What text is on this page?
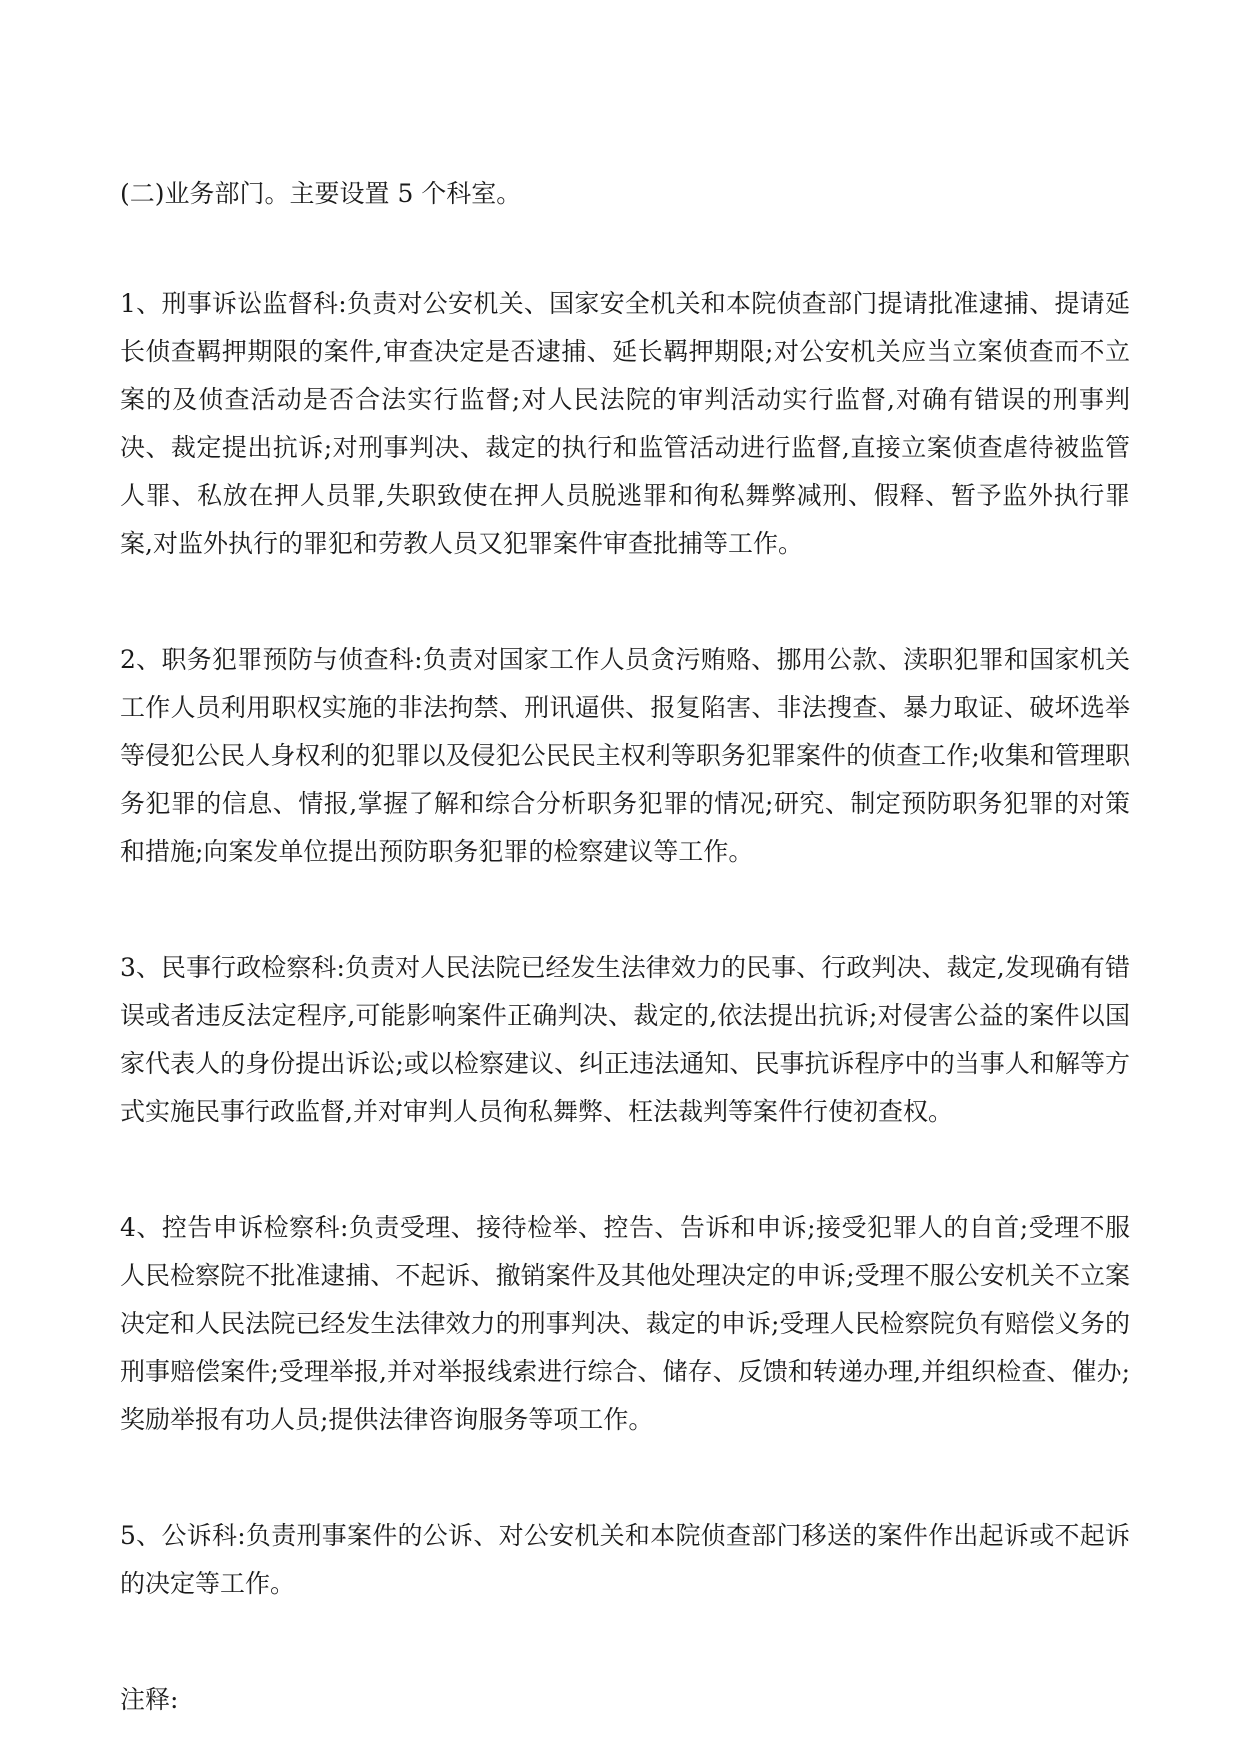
(二)业务部门。主要设置 5 个科室。

1、刑事诉讼监督科:负责对公安机关、国家安全机关和本院侦查部门提请批准逮捕、提请延长侦查羁押期限的案件,审查决定是否逮捕、延长羁押期限;对公安机关应当立案侦查而不立案的及侦查活动是否合法实行监督;对人民法院的审判活动实行监督,对确有错误的刑事判决、裁定提出抗诉;对刑事判决、裁定的执行和监管活动进行监督,直接立案侦查虐待被监管人罪、私放在押人员罪,失职致使在押人员脱逃罪和徇私舞弊减刑、假释、暂予监外执行罪案,对监外执行的罪犯和劳教人员又犯罪案件审查批捕等工作。

2、职务犯罪预防与侦查科:负责对国家工作人员贪污贿赂、挪用公款、渎职犯罪和国家机关工作人员利用职权实施的非法拘禁、刑讯逼供、报复陷害、非法搜查、暴力取证、破坏选举等侵犯公民人身权利的犯罪以及侵犯公民民主权利等职务犯罪案件的侦查工作;收集和管理职务犯罪的信息、情报,掌握了解和综合分析职务犯罪的情况;研究、制定预防职务犯罪的对策和措施;向案发单位提出预防职务犯罪的检察建议等工作。

3、民事行政检察科:负责对人民法院已经发生法律效力的民事、行政判决、裁定,发现确有错误或者违反法定程序,可能影响案件正确判决、裁定的,依法提出抗诉;对侵害公益的案件以国家代表人的身份提出诉讼;或以检察建议、纠正违法通知、民事抗诉程序中的当事人和解等方式实施民事行政监督,并对审判人员徇私舞弊、枉法裁判等案件行使初查权。

4、控告申诉检察科:负责受理、接待检举、控告、告诉和申诉;接受犯罪人的自首;受理不服人民检察院不批准逮捕、不起诉、撤销案件及其他处理决定的申诉;受理不服公安机关不立案决定和人民法院已经发生法律效力的刑事判决、裁定的申诉;受理人民检察院负有赔偿义务的刑事赔偿案件;受理举报,并对举报线索进行综合、储存、反馈和转递办理,并组织检查、催办;奖励举报有功人员;提供法律咨询服务等项工作。

5、公诉科:负责刑事案件的公诉、对公安机关和本院侦查部门移送的案件作出起诉或不起诉的决定等工作。

注释:
